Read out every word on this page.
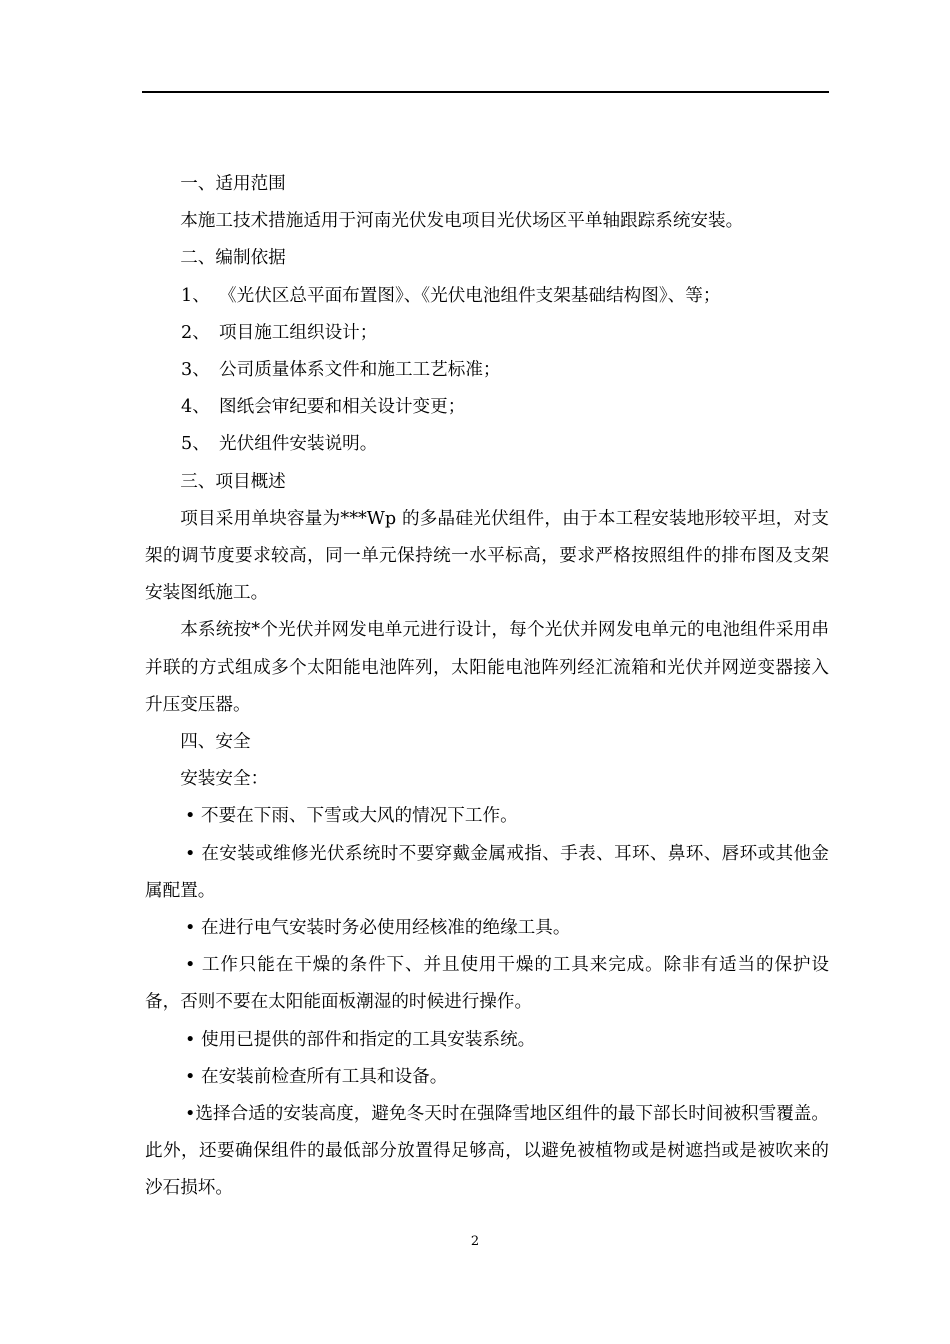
一、适用范围

本施工技术措施适用于河南光伏发电项目光伏场区平单轴跟踪系统安装。

二、编制依据

1、 《光伏区总平面布置图》、《光伏电池组件支架基础结构图》、等；

2、 项目施工组织设计；

3、 公司质量体系文件和施工工艺标准；

4、 图纸会审纪要和相关设计变更；

5、 光伏组件安装说明。

三、项目概述

项目采用单块容量为***Wp 的多晶硅光伏组件，由于本工程安装地形较平坦，对支架的调节度要求较高，同一单元保持统一水平标高，要求严格按照组件的排布图及支架安装图纸施工。

本系统按*个光伏并网发电单元进行设计，每个光伏并网发电单元的电池组件采用串并联的方式组成多个太阳能电池阵列，太阳能电池阵列经汇流箱和光伏并网逆变器接入升压变压器。

四、安全

安装安全：

• 不要在下雨、下雪或大风的情况下工作。

• 在安装或维修光伏系统时不要穿戴金属戒指、手表、耳环、鼻环、唇环或其他金属配置。

• 在进行电气安装时务必使用经核准的绝缘工具。

• 工作只能在干燥的条件下、并且使用干燥的工具来完成。除非有适当的保护设备，否则不要在太阳能面板潮湿的时候进行操作。

• 使用已提供的部件和指定的工具安装系统。

• 在安装前检查所有工具和设备。

•选择合适的安装高度，避免冬天时在强降雪地区组件的最下部长时间被积雪覆盖。此外，还要确保组件的最低部分放置得足够高，以避免被植物或是树遮挡或是被吹来的沙石损坏。

2
